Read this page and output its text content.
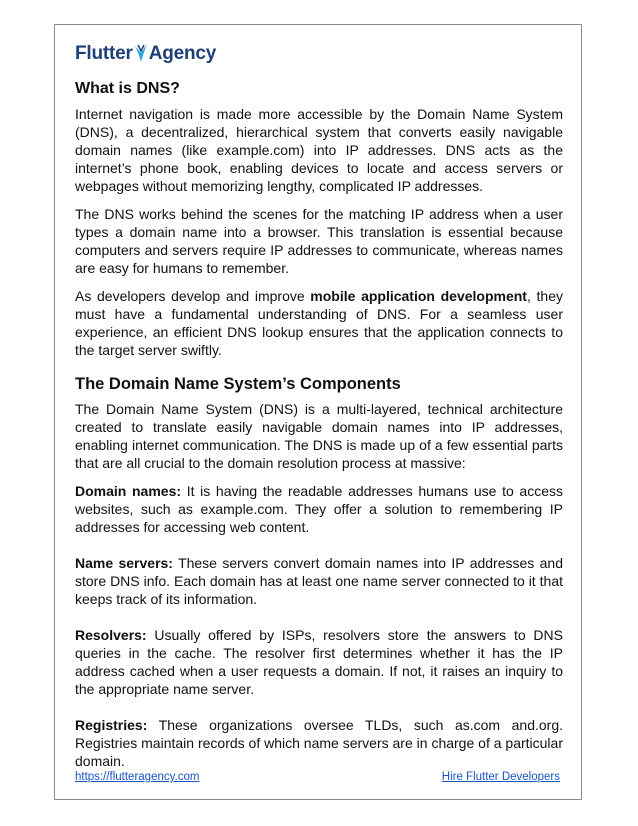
Flutter Agency
What is DNS?

Internet navigation is made more accessible by the Domain Name System (DNS), a decentralized, hierarchical system that converts easily navigable domain names (like example.com) into IP addresses. DNS acts as the internet’s phone book, enabling devices to locate and access servers or webpages without memorizing lengthy, complicated IP addresses.

The DNS works behind the scenes for the matching IP address when a user types a domain name into a browser. This translation is essential because computers and servers require IP addresses to communicate, whereas names are easy for humans to remember.

As developers develop and improve mobile application development, they must have a fundamental understanding of DNS. For a seamless user experience, an efficient DNS lookup ensures that the application connects to the target server swiftly.

The Domain Name System’s Components

The Domain Name System (DNS) is a multi-layered, technical architecture created to translate easily navigable domain names into IP addresses, enabling internet communication. The DNS is made up of a few essential parts that are all crucial to the domain resolution process at massive:

Domain names: It is having the readable addresses humans use to access websites, such as example.com. They offer a solution to remembering IP addresses for accessing web content.

Name servers: These servers convert domain names into IP addresses and store DNS info. Each domain has at least one name server connected to it that keeps track of its information.

Resolvers: Usually offered by ISPs, resolvers store the answers to DNS queries in the cache. The resolver first determines whether it has the IP address cached when a user requests a domain. If not, it raises an inquiry to the appropriate name server.

Registries: These organizations oversee TLDs, such as.com and.org. Registries maintain records of which name servers are in charge of a particular domain.

https://flutteragency.com	Hire Flutter Developers
